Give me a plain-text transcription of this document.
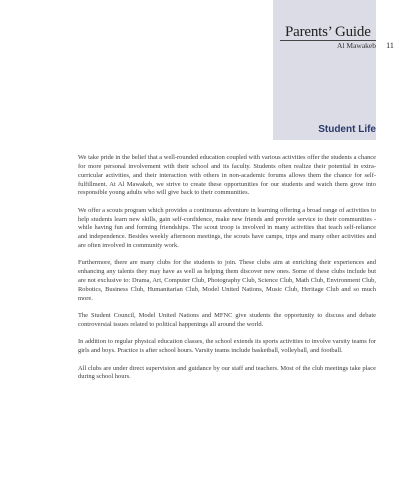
Parents’ Guide
Al Mawakeb	11
Student Life

We take pride in the belief that a well-rounded education coupled with various activities offer the students a chance for more personal involvement with their school and its faculty. Students often realize their potential in extra-curricular activities, and their interaction with others in non-academic forums allows them the chance for self-fulfillment. At Al Mawakeb, we strive to create these opportunities for our students and watch them grow into responsible young adults who will give back to their communities.

We offer a scouts program which provides a continuous adventure in learning offering a broad range of activities to help students learn new skills, gain self-confidence, make new friends and provide service to their communities - while having fun and forming friendships. The scout troop is involved in many activities that teach self-reliance and independence. Besides weekly afternoon meetings, the scouts have camps, trips and many other activities and are often involved in community work.

Furthermore, there are many clubs for the students to join. These clubs aim at enriching their experiences and enhancing any talents they may have as well as helping them discover new ones. Some of these clubs include but are not exclusive to: Drama, Art, Computer Club, Photography Club, Science Club, Math Club, Environment Club, Robotics, Business Club, Humanitarian Club, Model United Nations, Music Club, Heritage Club and so much more.

The Student Council, Model United Nations and MFNC give students the opportunity to discuss and debate controversial issues related to political happenings all around the world.

In addition to regular physical education classes, the school extends its sports activities to involve varsity teams for girls and boys. Practice is after school hours. Varsity teams include basketball, volleyball, and football.

All clubs are under direct supervision and guidance by our staff and teachers. Most of the club meetings take place during school hours.
